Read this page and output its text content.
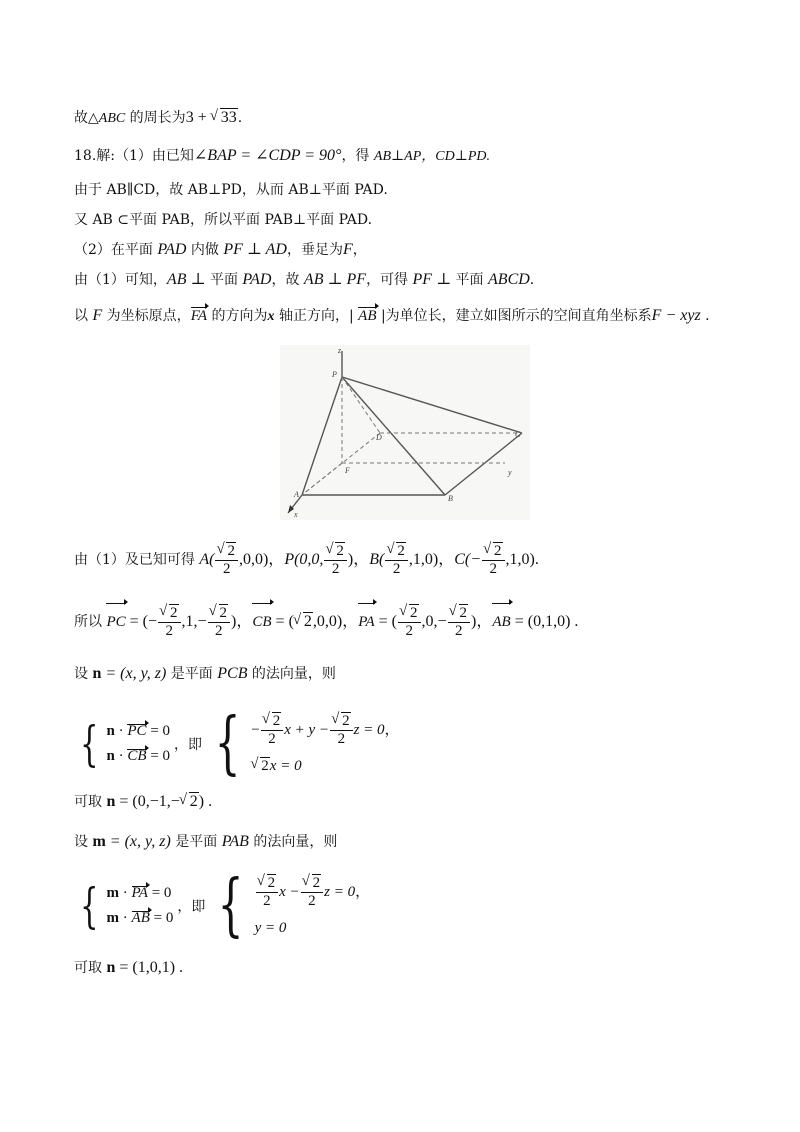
故△ABC 的周长为3 + √ 33.
18.解:（1）由已知∠BAP = ∠CDP = 90°，得 AB⊥AP，CD⊥PD.
由于 AB∥CD，故 AB⊥PD，从而 AB⊥平面 PAD.
又 AB ⊂平面 PAB，所以平面 PAB⊥平面 PAD.
（2）在平面 PAD 内做 PF ⊥ AD，垂足为F，
由（1）可知，AB ⊥ 平面 PAD，故 AB ⊥ PF，可得 PF ⊥ 平面 ABCD.
以 F 为坐标原点，FA 的方向为x 轴正方向，| AB |为单位长，建立如图所示的空间直角坐标系F − xyz .
z
P
D	C
F	y
A	B
x
由（1）及已知可得 A( √ $\frac{2}{2} ,0,0$)，P(0,0, √ $\frac{2}{2}$ )，B( √ $\frac{2}{2} ,1,0$)，C(− √ $\frac{2}{2} ,1,0$).
所以 PC = (− √ $\frac{2}{2} ,1,-$ √ $\frac{2}{2}$ )，CB = ( √ 2,0,0)，PA = ( √ $\frac{2}{2} ,0,-$ √ $\frac{2}{2}$ )，AB = (0,1,0) .
设 n = (x, y, z) 是平面 PCB 的法向量，则
{ n · PC = 0
n · CB = 0
，即 { − √ $\frac{2}{2}$ x + y − √ $\frac{2}{2}$ z = 0，
√ 2x = 0
可取 n = (0,−1,− √ 2) .
设 m = (x, y, z) 是平面 PAB 的法向量，则
{ m · PA = 0
m · AB = 0
，即 { √ $\frac{2}{2}$ x − √ $\frac{2}{2}$ z = 0，
y = 0
可取 n = (1,0,1) .
